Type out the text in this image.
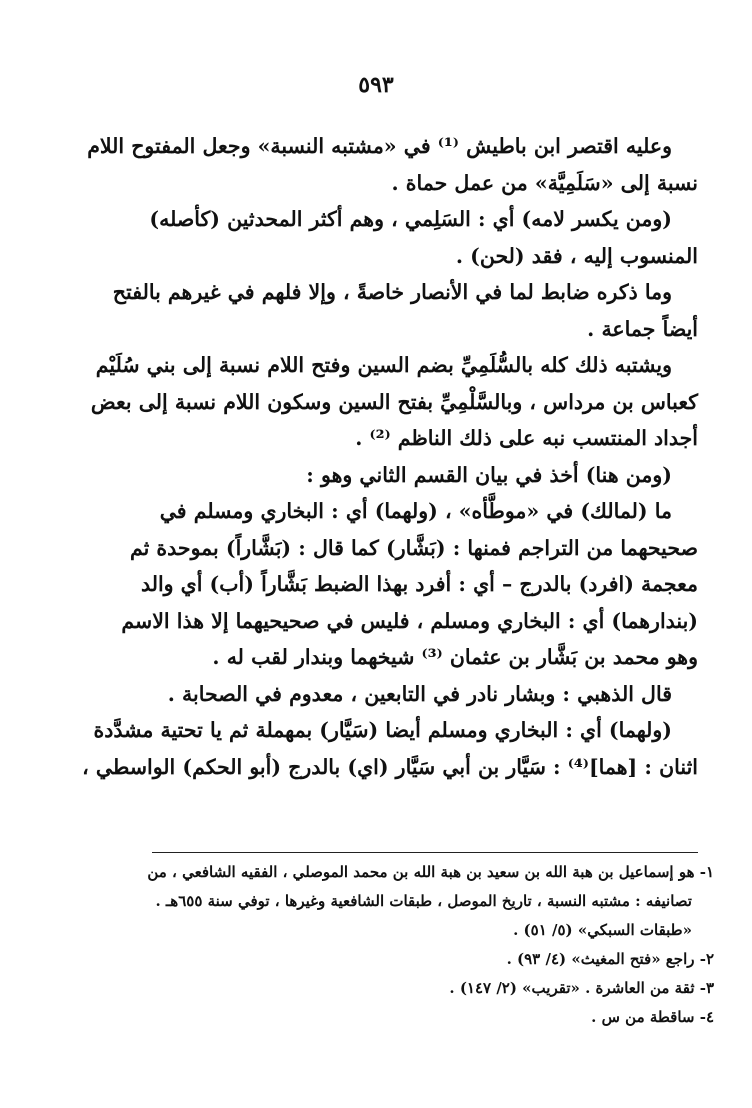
٥٩٣

وعليه اقتصر ابن باطيش ⁽¹⁾ في «مشتبه النسبة» وجعل المفتوح اللام

نسبة إلى «سَلَمِيَّة» من عمل حماة .

(ومن يكسر لامه) أي : السَلِمي ، وهم أكثر المحدثين (كأصله)

المنسوب إليه ، فقد (لحن) .

وما ذكره ضابط لما في الأنصار خاصةً ، وإلا فلهم في غيرهم بالفتح

أيضاً جماعة .

ويشتبه ذلك كله بالسُّلَمِيِّ بضم السين وفتح اللام نسبة إلى بني سُلَيْم

كعباس بن مرداس ، وبالسَّلْمِيِّ بفتح السين وسكون اللام نسبة إلى بعض

أجداد المنتسب نبه على ذلك الناظم ⁽²⁾ .

(ومن هنا) أخذ في بيان القسم الثاني وهو :

ما (لمالك) في «موطَّأه» ، (ولهما) أي : البخاري ومسلم في

صحيحهما من التراجم فمنها : (بَشَّار) كما قال : (بَشَّاراً) بموحدة ثم

معجمة (افرد) بالدرج – أي : أفرد بهذا الضبط بَشَّاراً (أب) أي والد

(بندارهما) أي : البخاري ومسلم ، فليس في صحيحيهما إلا هذا الاسم

وهو محمد بن بَشَّار بن عثمان ⁽³⁾ شيخهما وبندار لقب له .

قال الذهبي : وبشار نادر في التابعين ، معدوم في الصحابة .

(ولهما) أي : البخاري ومسلم أيضا (سَيَّار) بمهملة ثم يا تحتية مشدَّدة

اثنان : [هما]⁽⁴⁾ : سَيَّار بن أبي سَيَّار (اي) بالدرج (أبو الحكم) الواسطي ،

١- هو إسماعيل بن هبة الله بن سعيد بن هبة الله بن محمد الموصلي ، الفقيه الشافعي ، من

تصانيفه : مشتبه النسبة ، تاريخ الموصل ، طبقات الشافعية وغيرها ، توفي سنة ٦٥٥هـ .

«طبقات السبكي» (٥/ ٥١) .

٢- راجع «فتح المغيث» (٤/ ٩٣) .

٣- ثقة من العاشرة . «تقريب» (٢/ ١٤٧) .

٤- ساقطة من س .
